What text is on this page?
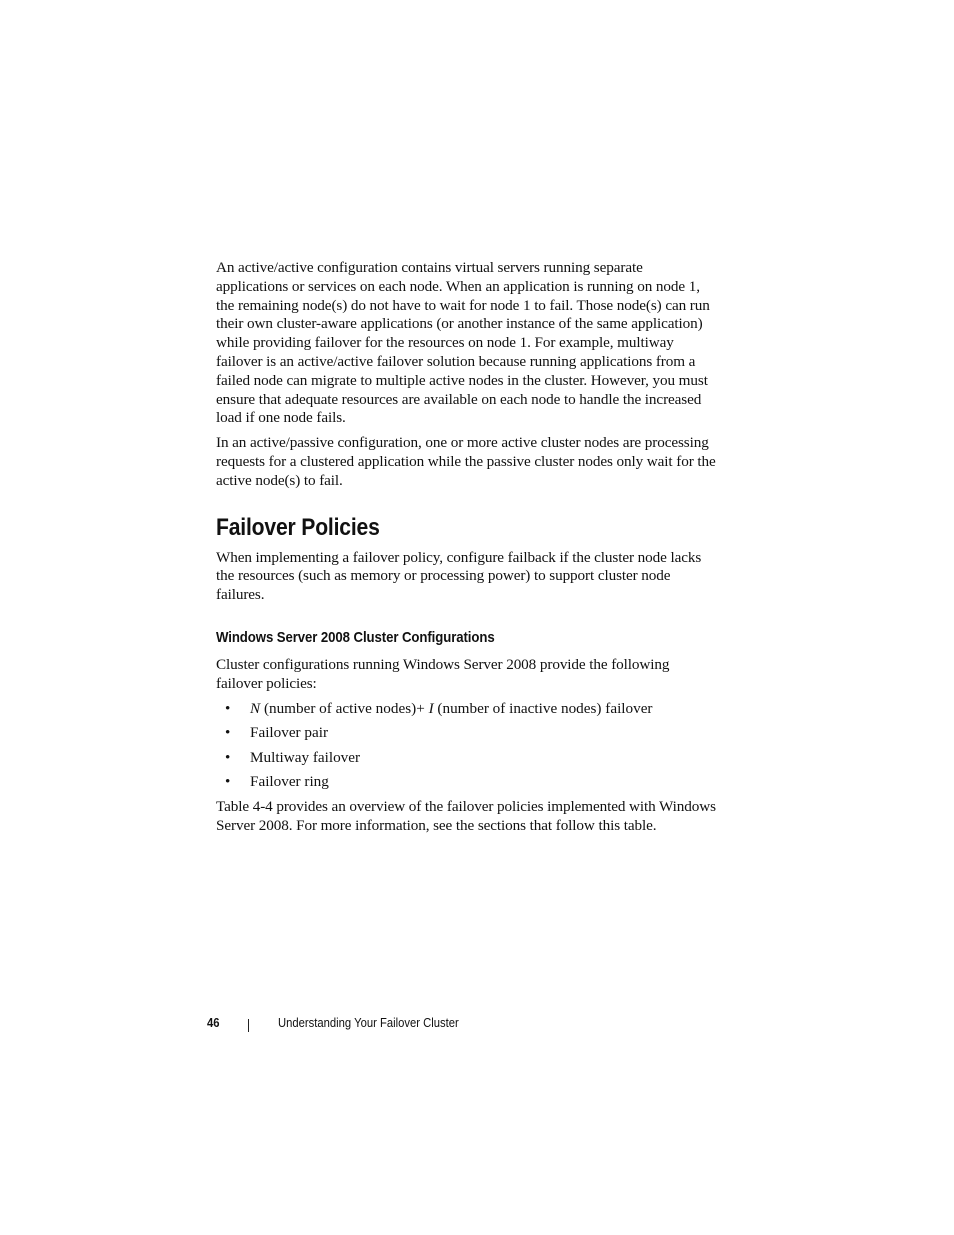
An active/active configuration contains virtual servers running separate applications or services on each node. When an application is running on node 1, the remaining node(s) do not have to wait for node 1 to fail. Those node(s) can run their own cluster-aware applications (or another instance of the same application) while providing failover for the resources on node 1. For example, multiway failover is an active/active failover solution because running applications from a failed node can migrate to multiple active nodes in the cluster. However, you must ensure that adequate resources are available on each node to handle the increased load if one node fails.

In an active/passive configuration, one or more active cluster nodes are processing requests for a clustered application while the passive cluster nodes only wait for the active node(s) to fail.

Failover Policies

When implementing a failover policy, configure failback if the cluster node lacks the resources (such as memory or processing power) to support cluster node failures.

Windows Server 2008 Cluster Configurations

Cluster configurations running Windows Server 2008 provide the following failover policies:

• N (number of active nodes)+ I (number of inactive nodes) failover
• Failover pair
• Multiway failover
• Failover ring

Table 4-4 provides an overview of the failover policies implemented with Windows Server 2008. For more information, see the sections that follow this table.

46	Understanding Your Failover Cluster
